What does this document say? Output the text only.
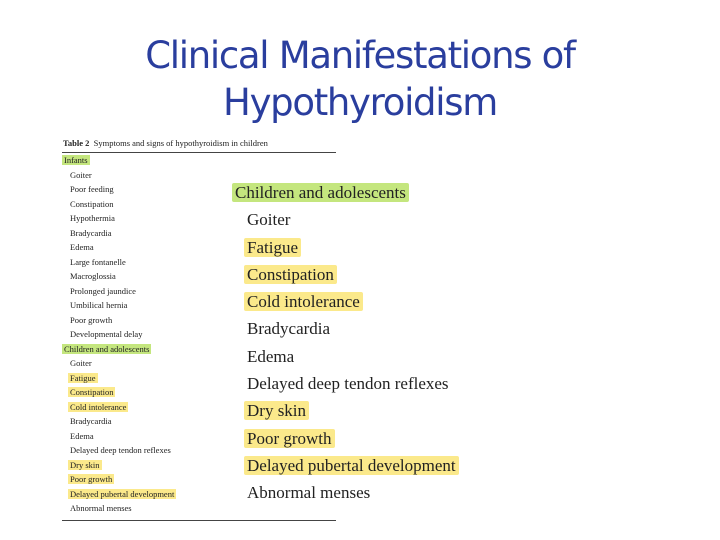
Clinical Manifestations of
Hypothyroidism
Table 2 Symptoms and signs of hypothyroidism in children
Infants
Goiter
Poor feeding
Constipation
Hypothermia
Bradycardia
Edema
Large fontanelle
Macroglossia
Prolonged jaundice
Umbilical hernia
Poor growth
Developmental delay
Children and adolescents
Goiter
Fatigue
Constipation
Cold intolerance
Bradycardia
Edema
Delayed deep tendon reflexes
Dry skin
Poor growth
Delayed pubertal development
Abnormal menses
Children and adolescents
Goiter
Fatigue
Constipation
Cold intolerance
Bradycardia
Edema
Delayed deep tendon reflexes
Dry skin
Poor growth
Delayed pubertal development
Abnormal menses
